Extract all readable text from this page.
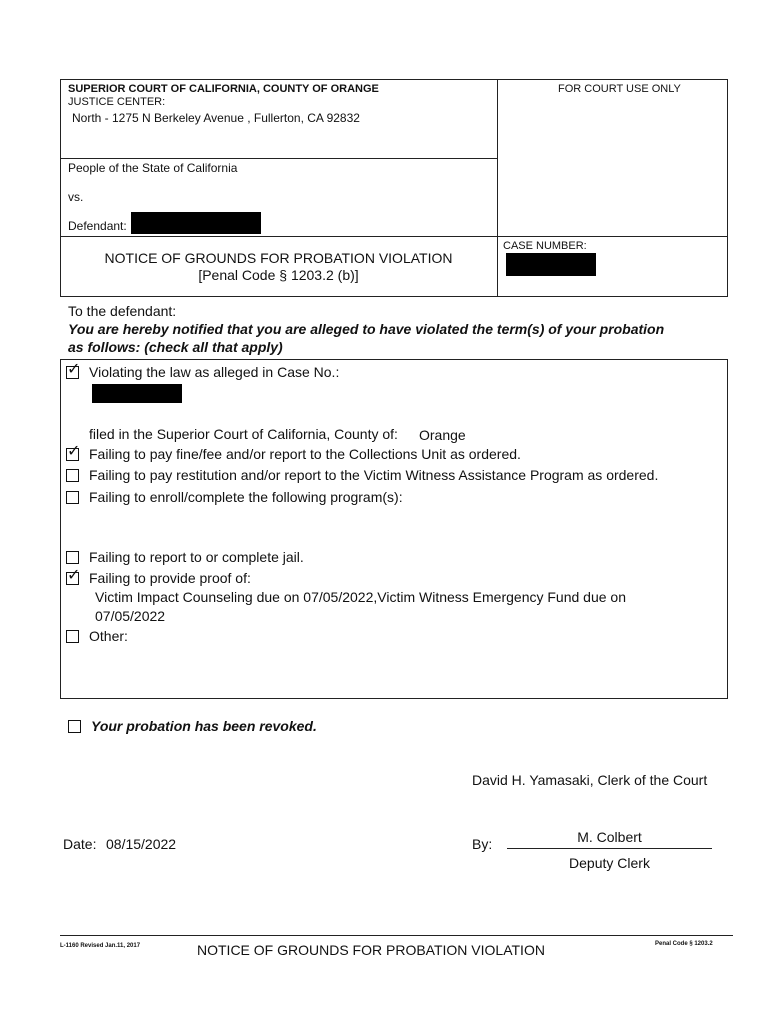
SUPERIOR COURT OF CALIFORNIA, COUNTY OF ORANGE
JUSTICE CENTER:
North - 1275 N Berkeley Avenue , Fullerton, CA 92832
FOR COURT USE ONLY
People of the State of California
vs.
Defendant:
CASE NUMBER:
NOTICE OF GROUNDS FOR PROBATION VIOLATION
[Penal Code § 1203.2 (b)]
To the defendant:
You are hereby notified that you are alleged to have violated the term(s) of your probation
as follows: (check all that apply)
✓ Violating the law as alleged in Case No.:
filed in the Superior Court of California, County of: Orange
✓ Failing to pay fine/fee and/or report to the Collections Unit as ordered.
Failing to pay restitution and/or report to the Victim Witness Assistance Program as ordered.
Failing to enroll/complete the following program(s):
Failing to report to or complete jail.
✓ Failing to provide proof of:
Victim Impact Counseling due on 07/05/2022,Victim Witness Emergency Fund due on
07/05/2022
Other:
Your probation has been revoked.
David H. Yamasaki, Clerk of the Court
Date: 08/15/2022	By:	M. Colbert
Deputy Clerk
L-1160 Revised Jan.11, 2017	NOTICE OF GROUNDS FOR PROBATION VIOLATION	Penal Code § 1203.2
